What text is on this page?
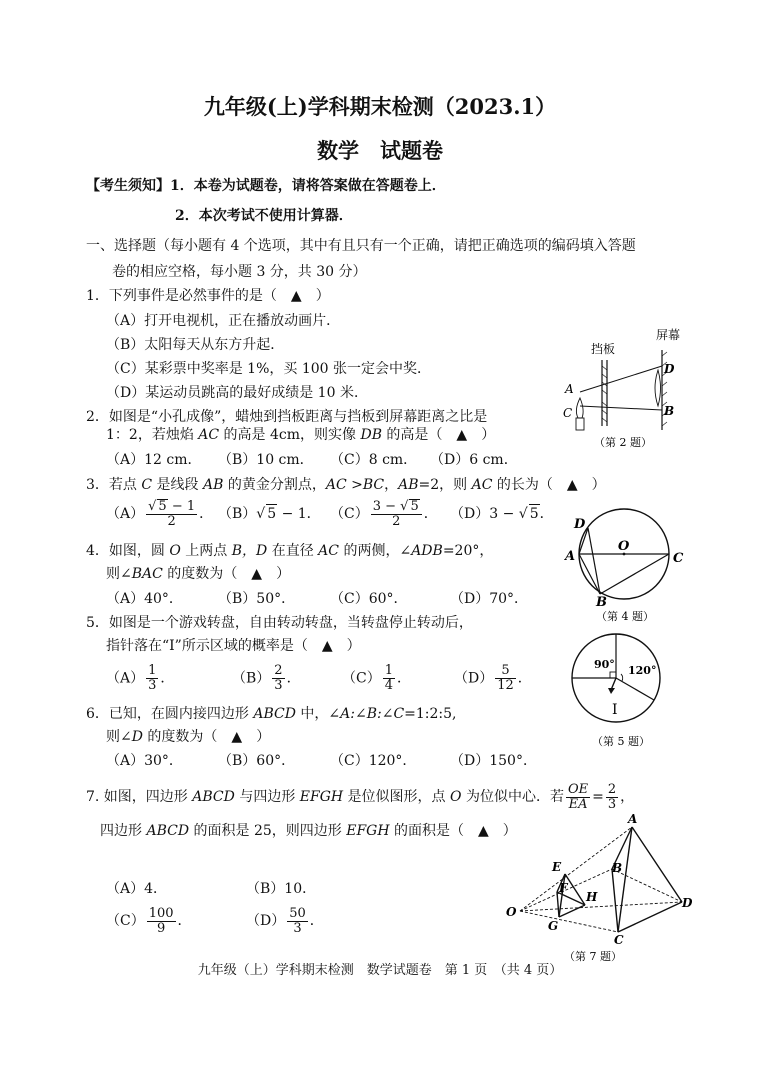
九年级(上)学科期末检测（2023.1）
数学　试题卷
【考生须知】1．本卷为试题卷，请将答案做在答题卷上．
2．本次考试不使用计算器．
一、选择题（每小题有 4 个选项，其中有且只有一个正确，请把正确选项的编码填入答题
卷的相应空格，每小题 3 分，共 30 分）
1．下列事件是必然事件的是（　▲　）
（A）打开电视机，正在播放动画片．
（B）太阳每天从东方升起．
（C）某彩票中奖率是 1%，买 100 张一定会中奖．
（D）某运动员跳高的最好成绩是 10 米．
2．如图是“小孔成像”，蜡烛到挡板距离与挡板到屏幕距离之比是
1：2，若烛焰 AC 的高是 4cm，则实像 DB 的高是（　▲　）
（A）12 cm． （B）10 cm． （C）8 cm． （D）6 cm．
屏幕
挡板
A
C
D
B
（第 2 题）
3．若点 C 是线段 AB 的黄金分割点，AC >BC，AB=2，则 AC 的长为（　▲　）
$(A) \frac{√ 5 - 1}{2}$ ． （B）√ 5 − 1． $(C) \frac{3 - √ 5}{2}$ ． （D）3 − √ 5．
4．如图，圆 O 上两点 B，D 在直径 AC 的两侧，∠ADB=20°，
则∠BAC 的度数为（　▲　）
（A）40°．	（B）50°． （C）60°．	（D）70°．
D
A
O
C
B
（第 4 题）
5．如图是一个游戏转盘，自由转动转盘，当转盘停止转动后，
指针落在“Ⅰ”所示区域的概率是（　▲　）
$(A) \frac{1}{3}$ ．	$(B) \frac{2}{3}$ ．	$(C) \frac{1}{4}$ ．	$(D) \frac{5}{12}$ ．
90° 120°
Ⅰ
（第 5 题）
6．已知，在圆内接四边形 ABCD 中，∠A:∠B:∠C=1:2:5,
则∠D 的度数为（　▲　）
（A）30°．	（B）60°． （C）120°． （D）150°．
7. 如图，四边形 ABCD 与四边形 EFGH 是位似图形，点 O 为位似中心．若 $\frac{OE}{EA} = \frac{2}{3}$ ，
四边形 ABCD 的面积是 25，则四边形 EFGH 的面积是（　▲　）
（A）4．	（B）10．
$(C) \frac{100}{9}$ ．	$(D) \frac{50}{3}$ ．
A
B
C
D
E
F
G
H
O
（第 7 题）
九年级（上）学科期末检测　数学试题卷　第 1 页　（共 4 页）
